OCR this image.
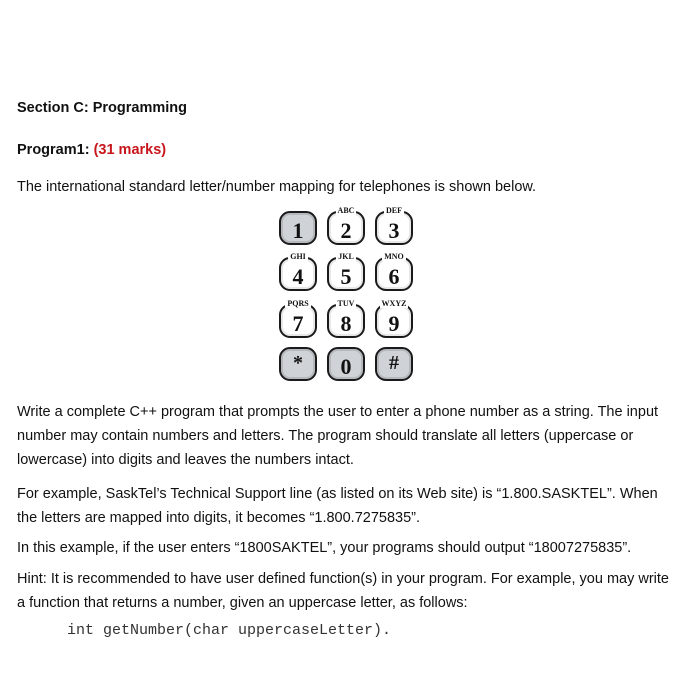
Section C: Programming
Program1: (31 marks)

The international standard letter/number mapping for telephones is shown below.

1
ABC
2
DEF
3
GHI
4
JKL
5
MNO
6
PQRS
7
TUV
8
WXYZ
9
*	0	#

Write a complete C++ program that prompts the user to enter a phone number as a string. The input number may contain numbers and letters. The program should translate all letters (uppercase or lowercase) into digits and leaves the numbers intact.

For example, SaskTel’s Technical Support line (as listed on its Web site) is “1.800.SASKTEL”. When the letters are mapped into digits, it becomes “1.800.7275835”.

In this example, if the user enters “1800SAKTEL”, your programs should output “18007275835”.

Hint: It is recommended to have user defined function(s) in your program. For example, you may write a function that returns a number, given an uppercase letter, as follows:

int getNumber(char uppercaseLetter).
